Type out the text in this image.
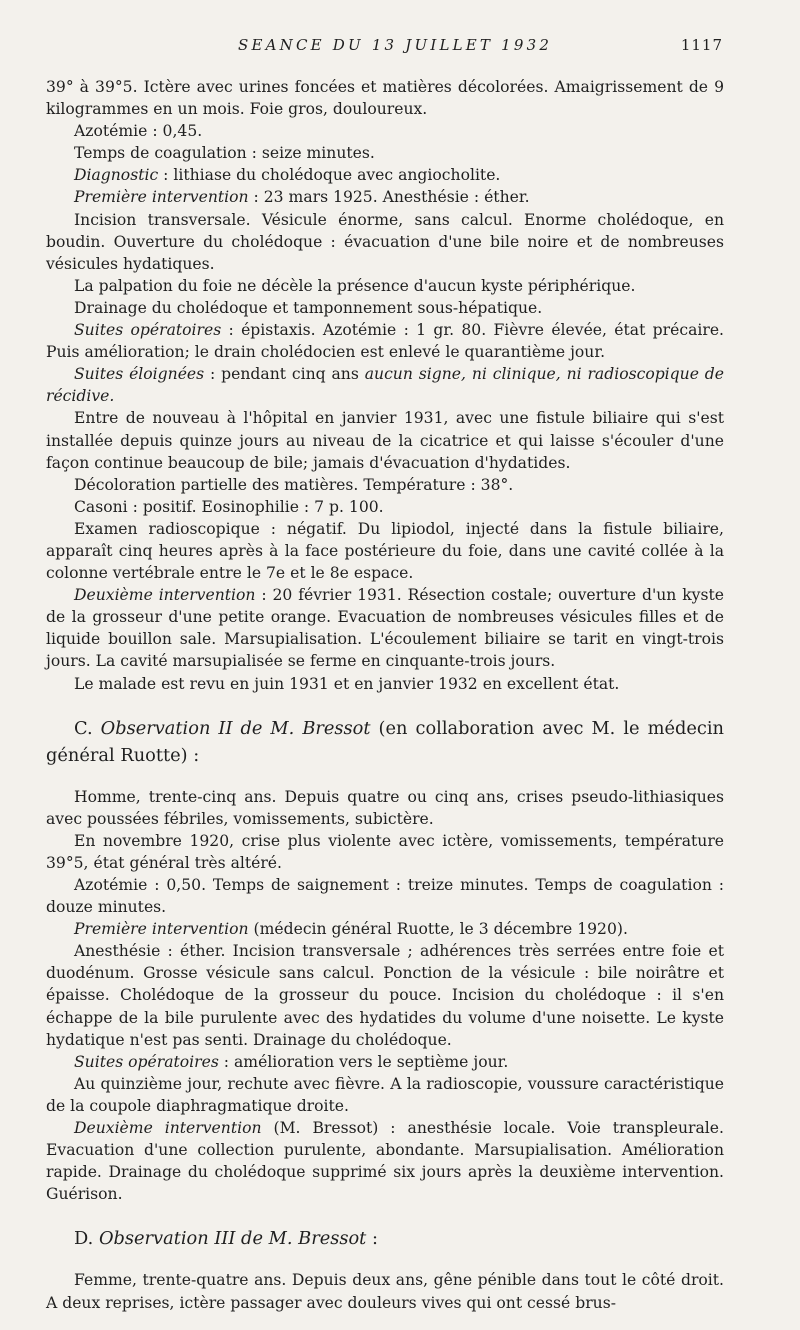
SEANCE DU 13 JUILLET 1932	1117

39° à 39°5. Ictère avec urines foncées et matières décolorées. Amaigrissement de 9 kilogrammes en un mois. Foie gros, douloureux.

Azotémie : 0,45.

Temps de coagulation : seize minutes.

Diagnostic : lithiase du cholédoque avec angiocholite.

Première intervention : 23 mars 1925. Anesthésie : éther.

Incision transversale. Vésicule énorme, sans calcul. Enorme cholédoque, en boudin. Ouverture du cholédoque : évacuation d'une bile noire et de nombreuses vésicules hydatiques.

La palpation du foie ne décèle la présence d'aucun kyste périphérique.

Drainage du cholédoque et tamponnement sous-hépatique.

Suites opératoires : épistaxis. Azotémie : 1 gr. 80. Fièvre élevée, état précaire. Puis amélioration; le drain cholédocien est enlevé le quarantième jour.

Suites éloignées : pendant cinq ans aucun signe, ni clinique, ni radioscopique de récidive.

Entre de nouveau à l'hôpital en janvier 1931, avec une fistule biliaire qui s'est installée depuis quinze jours au niveau de la cicatrice et qui laisse s'écouler d'une façon continue beaucoup de bile; jamais d'évacuation d'hydatides.

Décoloration partielle des matières. Température : 38°.

Casoni : positif. Eosinophilie : 7 p. 100.

Examen radioscopique : négatif. Du lipiodol, injecté dans la fistule biliaire, apparaît cinq heures après à la face postérieure du foie, dans une cavité collée à la colonne vertébrale entre le 7e et le 8e espace.

Deuxième intervention : 20 février 1931. Résection costale; ouverture d'un kyste de la grosseur d'une petite orange. Evacuation de nombreuses vésicules filles et de liquide bouillon sale. Marsupialisation. L'écoulement biliaire se tarit en vingt-trois jours. La cavité marsupialisée se ferme en cinquante-trois jours.

Le malade est revu en juin 1931 et en janvier 1932 en excellent état.

C. Observation II de M. Bressot (en collaboration avec M. le médecin général Ruotte) :

Homme, trente-cinq ans. Depuis quatre ou cinq ans, crises pseudo-lithiasiques avec poussées fébriles, vomissements, subictère.

En novembre 1920, crise plus violente avec ictère, vomissements, température 39°5, état général très altéré.

Azotémie : 0,50. Temps de saignement : treize minutes. Temps de coagulation : douze minutes.

Première intervention (médecin général Ruotte, le 3 décembre 1920).

Anesthésie : éther. Incision transversale ; adhérences très serrées entre foie et duodénum. Grosse vésicule sans calcul. Ponction de la vésicule : bile noirâtre et épaisse. Cholédoque de la grosseur du pouce. Incision du cholédoque : il s'en échappe de la bile purulente avec des hydatides du volume d'une noisette. Le kyste hydatique n'est pas senti. Drainage du cholédoque.

Suites opératoires : amélioration vers le septième jour.

Au quinzième jour, rechute avec fièvre. A la radioscopie, voussure caractéristique de la coupole diaphragmatique droite.

Deuxième intervention (M. Bressot) : anesthésie locale. Voie transpleurale. Evacuation d'une collection purulente, abondante. Marsupialisation. Amélioration rapide. Drainage du cholédoque supprimé six jours après la deuxième intervention. Guérison.

D. Observation III de M. Bressot :

Femme, trente-quatre ans. Depuis deux ans, gêne pénible dans tout le côté droit. A deux reprises, ictère passager avec douleurs vives qui ont cessé brus-
